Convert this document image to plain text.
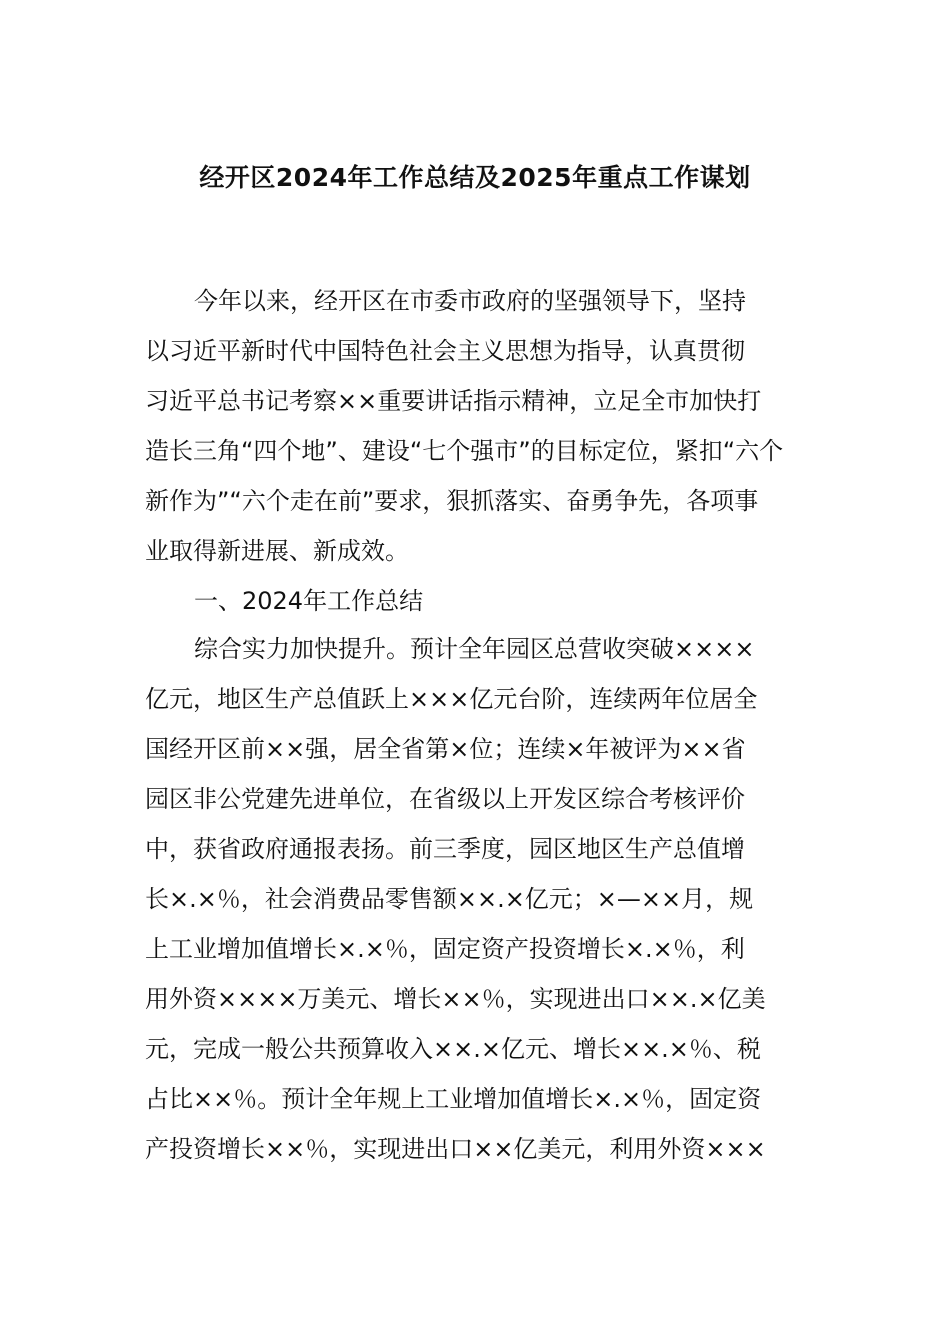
经开区2024年工作总结及2025年重点工作谋划
今年以来，经开区在市委市政府的坚强领导下，坚持
以习近平新时代中国特色社会主义思想为指导，认真贯彻
习近平总书记考察××重要讲话指示精神，立足全市加快打
造长三角“四个地”、建设“七个强市”的目标定位，紧扣“六个
新作为”“六个走在前”要求，狠抓落实、奋勇争先，各项事
业取得新进展、新成效。
一、2024年工作总结
综合实力加快提升。预计全年园区总营收突破××××
亿元，地区生产总值跃上×××亿元台阶，连续两年位居全
国经开区前××强，居全省第×位；连续×年被评为××省
园区非公党建先进单位，在省级以上开发区综合考核评价
中，获省政府通报表扬。前三季度，园区地区生产总值增
长×.×％，社会消费品零售额××.×亿元；×—××月，规
上工业增加值增长×.×％，固定资产投资增长×.×％，利
用外资××××万美元、增长××％，实现进出口××.×亿美
元，完成一般公共预算收入××.×亿元、增长××.×％、税
占比××％。预计全年规上工业增加值增长×.×％，固定资
产投资增长××％，实现进出口××亿美元，利用外资×××
